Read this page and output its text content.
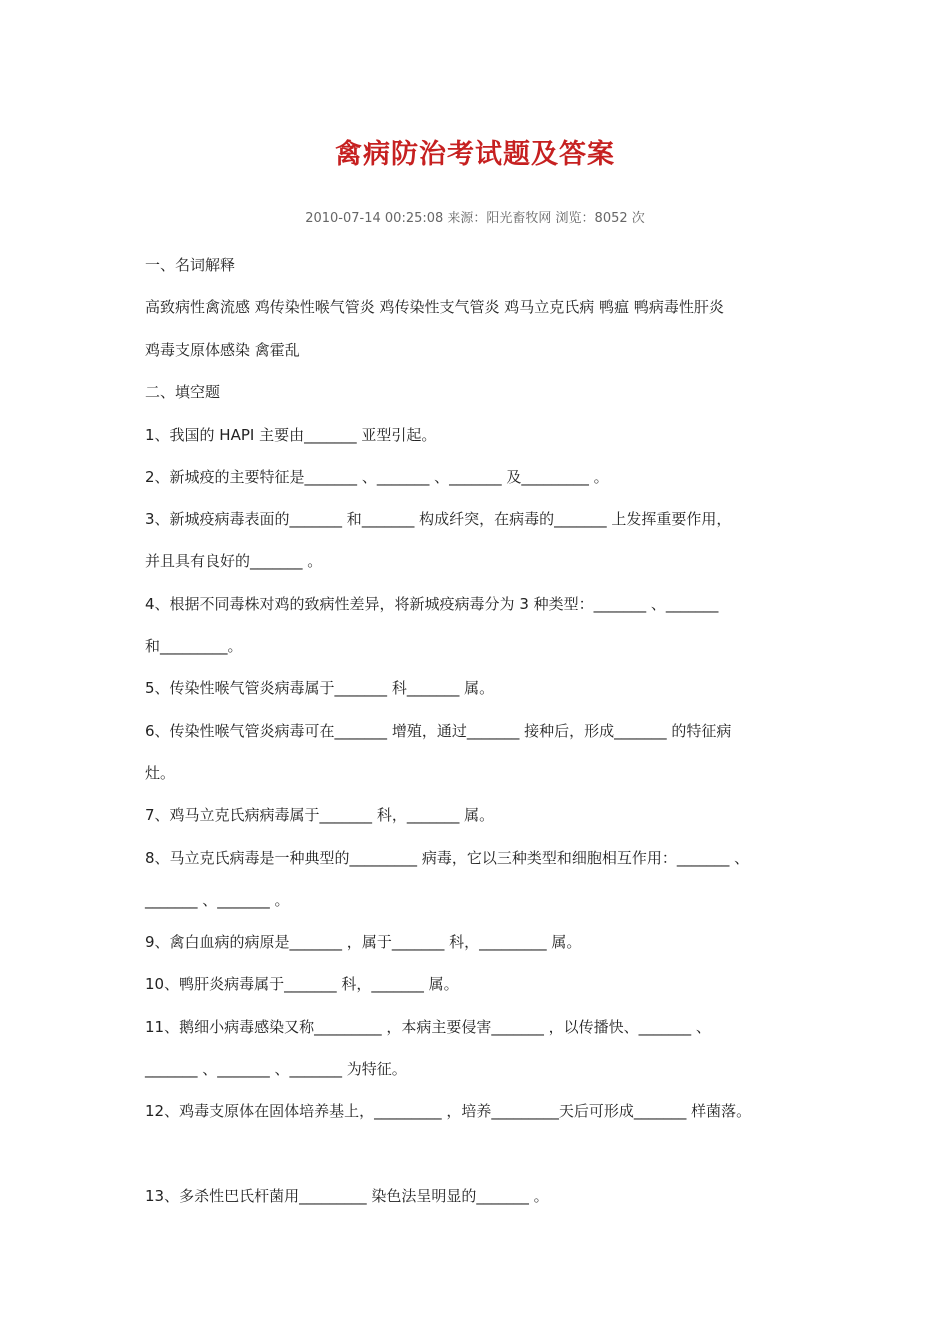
禽病防治考试题及答案
2010-07-14 00:25:08 来源：阳光畜牧网 浏览：8052 次
一、名词解释
高致病性禽流感 鸡传染性喉气管炎 鸡传染性支气管炎 鸡马立克氏病 鸭瘟 鸭病毒性肝炎
鸡毒支原体感染 禽霍乱
二、填空题
1、我国的 HAPI 主要由_______ 亚型引起。
2、新城疫的主要特征是_______ 、_______ 、_______ 及_________ 。
3、新城疫病毒表面的_______ 和_______ 构成纤突，在病毒的_______ 上发挥重要作用，
并且具有良好的_______ 。
4、根据不同毒株对鸡的致病性差异，将新城疫病毒分为 3 种类型：_______ 、_______
和_________。
5、传染性喉气管炎病毒属于_______ 科_______ 属。
6、传染性喉气管炎病毒可在_______ 增殖，通过_______ 接种后，形成_______ 的特征病
灶。
7、鸡马立克氏病病毒属于_______ 科，_______ 属。
8、马立克氏病毒是一种典型的_________ 病毒，它以三种类型和细胞相互作用：_______ 、
_______ 、_______ 。
9、禽白血病的病原是_______ ，属于_______ 科，_________ 属。
10、鸭肝炎病毒属于_______ 科，_______ 属。
11、鹅细小病毒感染又称_________ ，本病主要侵害_______ ，以传播快、_______ 、
_______ 、_______ 、_______ 为特征。
12、鸡毒支原体在固体培养基上，_________ ，培养_________天后可形成_______ 样菌落。
13、多杀性巴氏杆菌用_________ 染色法呈明显的_______ 。
